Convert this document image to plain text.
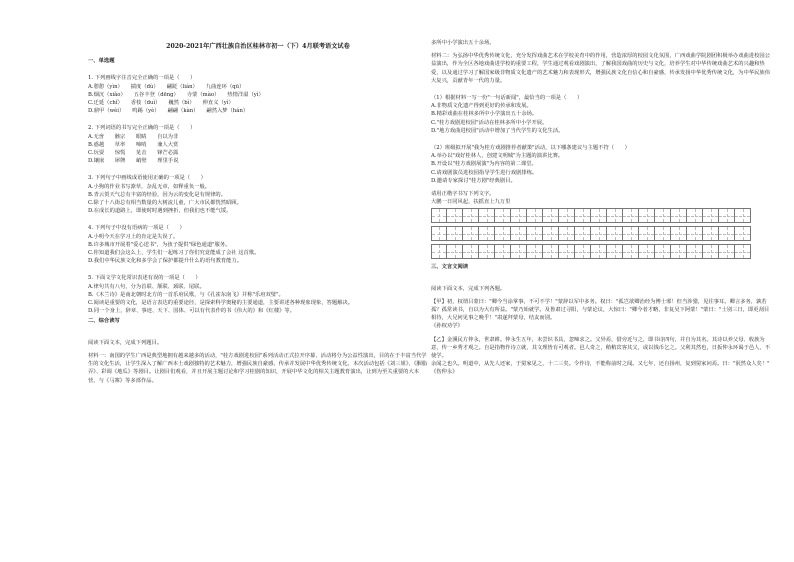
2020-2021年广西壮族自治区桂林市初一（下）4月联考语文试卷
一、单选题

1. 下列画线字注音完全正确的一项是（　　）

A.憩憩（yìn）　　揣度（dù）　　翩跹（lián）　　九曲连环（qū）

B.烟沉（xiǎo）　　五谷丰登（dēng）　　寺蒙（mào）　　热情洋溢（yì）

C.迁延（chǐ）　　香枝（duì）　　巍然（bì）　　伸直义（yì）

D.鼎甲（wèi）　　鸣踢（yè）　　翩翩（kàn）　　翩然入梦（hán）

2. 下列词语的书写完全正确的一项是（　　）

A.无啻　　骸宗　　眼睛　　自以为非

B.惑越　　草率　　啼哨　　兼人大赏

C.玩耍　　惊慌　　苋击　　锋芒必露

D.镶嵌　　犀牌　　峭壁　　理里手说

3. 下列句子中画线成语使用正确的一项是（　　）

A.小狗的作业书写潦草，杂乱无章，如释重负一般。

B.青云贺天气总有丰富的经验，因为云的变化是有规律的。

C.除了十八街总有相当数量的大树流儿童，广大市民都恍然昭顾。

D.在成长的道路上，即使时时遇到挫折，但我们也不能气馁。

4. 下列句子中没有语病的一项是（　　）

A.小明今天在学习上的肯定是失误了。

B.许多城市开展着"爱心送书"，为孩子提供"绿色通道"服务。

C.你知道我们会这么上，学生们一起练习了你们究竟能成了会社 这首歌。

D.我们中华民族文化和多学会了保护都提升什么的语句教育能力。

5. 下面文学文化常识表述有误的一项是（　　）

A.律句共有八句，分为首联、颔联、颈联、尾联。

B.《木兰诗》是南北朝时北方的一首乐府民歌，与《孔雀东南飞》并称"乐府双璧"。

C.阅读是重要的文化，是语言表达的重要途径，是探索科学奥秘的主要通道，主要讲述各种现象现象，答题解决。

D.同一个身上，辞章、事迹、天下、国体、可以有代表作的书《伟大的》和《红楼》等。

二、综合读写

阅读下面文本，完成下列题目。

材料一：南国的学生广西是典型地拥有越来越多的活动，"桂方戏剧进校园"系列活动正式拉开序幕，活动将分为公益性演出，目的在于丰富当代学生的文化生活，让学生深入了解广西本土戏剧独特的艺术魅力，增强民族自豪感，传承并发展中华优秀传统文化，本次活动包括《刘三姐》、《胭脂弄》、彩调《地瓜》等剧目。让剧目们观看，并且开展主题讨论和学习桂剧的知识，开展中华文化的相关主题教育演出，让到为至关重要的大本营，与《马寨》等多部作品。

多所中小学演出五十余场。

材料二：为弘扬中华优秀传统文化，充分发挥戏曲艺术在学校美育中的作用，营造浓厚的校园文化氛围，广西戏曲学院剧团积极举办戏曲进校园公益演出，作为全区各地戏曲进学校的重要工程，学生通过观看戏剧演出，了解我国戏曲的历史与文化，培养学生对中华传统戏曲艺术的兴趣和热爱，以及通过学习了解国家级非物质文化遗产的艺术魅力和表现形式，增强民族文化自信心和自豪感，传承发扬中华优秀传统文化，为中华民族伟大复兴，贡献青年一代的力量。

（1）根据材料一写一份"一句话新闻"，最恰当的一项是（　　）

A.非物质文化遗产得到更好的传承和发展。

B.精彩戏曲在桂林多所中小学演出五十余场。

C."桂方戏剧进校园"活动在桂林多所中小学开展。

D."地方戏曲进校园"活动中增加了当代学生的文化生活。

（2）班级拟开展"我为桂方戏剧推荐者献策"活动，以下哪条建议与主题不符（　　）

A.举办以"戏好桂林人，创建文明城"为主题的演讲比赛。

B.开设以"桂方戏剧展演"为内容的第二课堂。

C.请戏剧演员进校园指导学生进行戏剧排练。

D.邀请专家探讨"桂方剧"经典剧目。

请用正楷字书写下列文字。

大鹏一日同风起，扶摇直上九万里

三、文言文阅读

阅读下面文本，完成下列各题。

【甲】初，权谓吕蒙曰："卿今当涂掌事，不可不学！"蒙辞以军中多务。权曰："孤岂欲卿治经为博士邪！但当涉猎，见往事耳。卿言多务，孰若孤？孤常读书，自以为大有所益。"蒙乃始就学。及鲁肃过寻阳，与蒙论议，大惊曰："卿今者才略，非复吴下阿蒙！"蒙曰："士别三日，即更刮目相待，大兄何见事之晚乎！"肃遂拜蒙母，结友而别。

《孙权劝学》

【乙】金溪民方仲永，世隶耕。仲永生五年，未尝识书具，忽啼求之。父异焉，借旁近与之，即书诗四句，并自为其名。其诗以养父母、收族为意，传一乡秀才观之。自是指物作诗立就，其文理皆有可观者。邑人奇之，稍稍宾客其父，或以钱币乞之。父利其然也，日扳仲永环谒于邑人，不使学。

余闻之也久。明道中，从先人还家，于舅家见之，十二三矣。令作诗，不能称前时之闻。又七年，还自扬州，复到舅家问焉。曰："泯然众人矣！"

《伤仲永》
